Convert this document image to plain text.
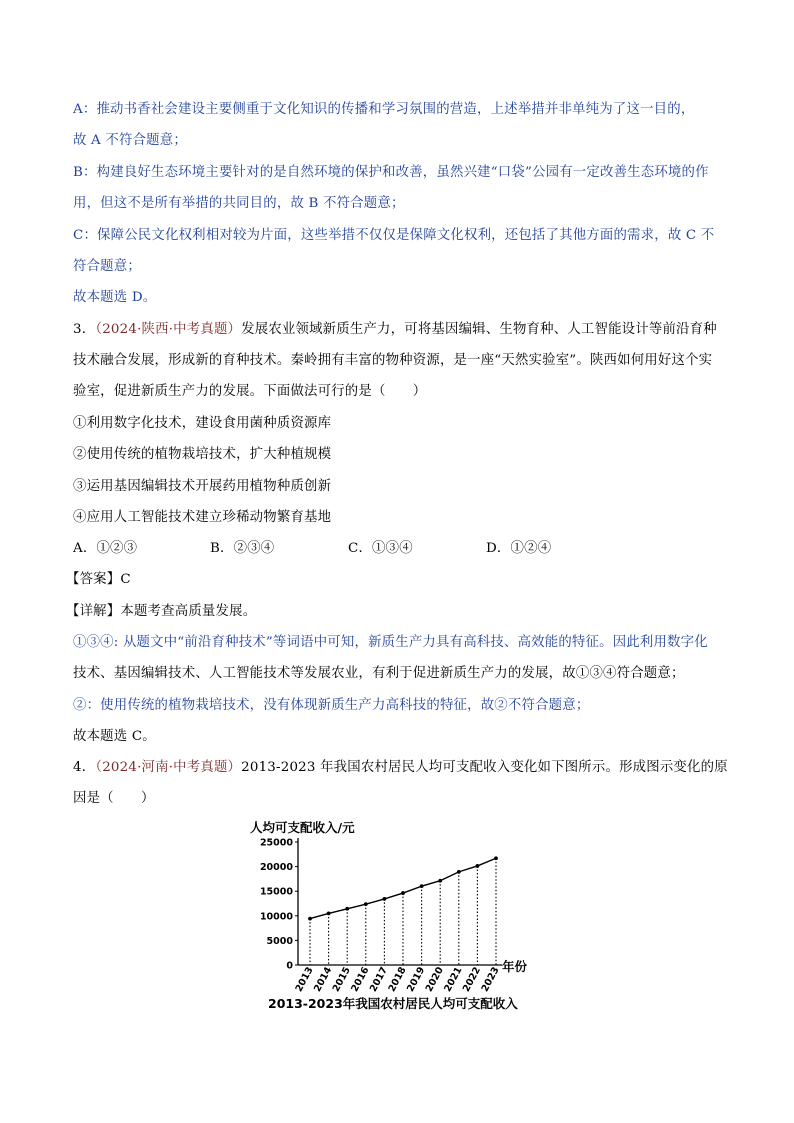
A：推动书香社会建设主要侧重于文化知识的传播和学习氛围的营造，上述举措并非单纯为了这一目的，
故 A 不符合题意；
B：构建良好生态环境主要针对的是自然环境的保护和改善，虽然兴建“口袋”公园有一定改善生态环境的作
用，但这不是所有举措的共同目的，故 B 不符合题意；
C：保障公民文化权利相对较为片面，这些举措不仅仅是保障文化权利，还包括了其他方面的需求，故 C 不
符合题意；
故本题选 D。
3．（2024·陕西·中考真题）发展农业领域新质生产力，可将基因编辑、生物育种、人工智能设计等前沿育种
技术融合发展，形成新的育种技术。秦岭拥有丰富的物种资源，是一座“天然实验室”。陕西如何用好这个实
验室，促进新质生产力的发展。下面做法可行的是（　　）
①利用数字化技术，建设食用菌种质资源库
②使用传统的植物栽培技术，扩大种植规模
③运用基因编辑技术开展药用植物种质创新
④应用人工智能技术建立珍稀动物繁育基地
A．①②③	B．②③④	C．①③④	D．①②④
【答案】C
【详解】本题考查高质量发展。
①③④: 从题文中“前沿育种技术”等词语中可知，新质生产力具有高科技、高效能的特征。因此利用数字化
技术、基因编辑技术、人工智能技术等发展农业，有利于促进新质生产力的发展，故①③④符合题意；
②：使用传统的植物栽培技术，没有体现新质生产力高科技的特征，故②不符合题意；
故本题选 C。
4．（2024·河南·中考真题）2013-2023 年我国农村居民人均可支配收入变化如下图所示。形成图示变化的原
因是（　　）
人均可支配收入/元
25000
20000
15000
10000
5000
0 2013
2014
2015
2016
2017
2018
2019
2020
2021
2022
2023 年份
2013-2023年我国农村居民人均可支配收入
